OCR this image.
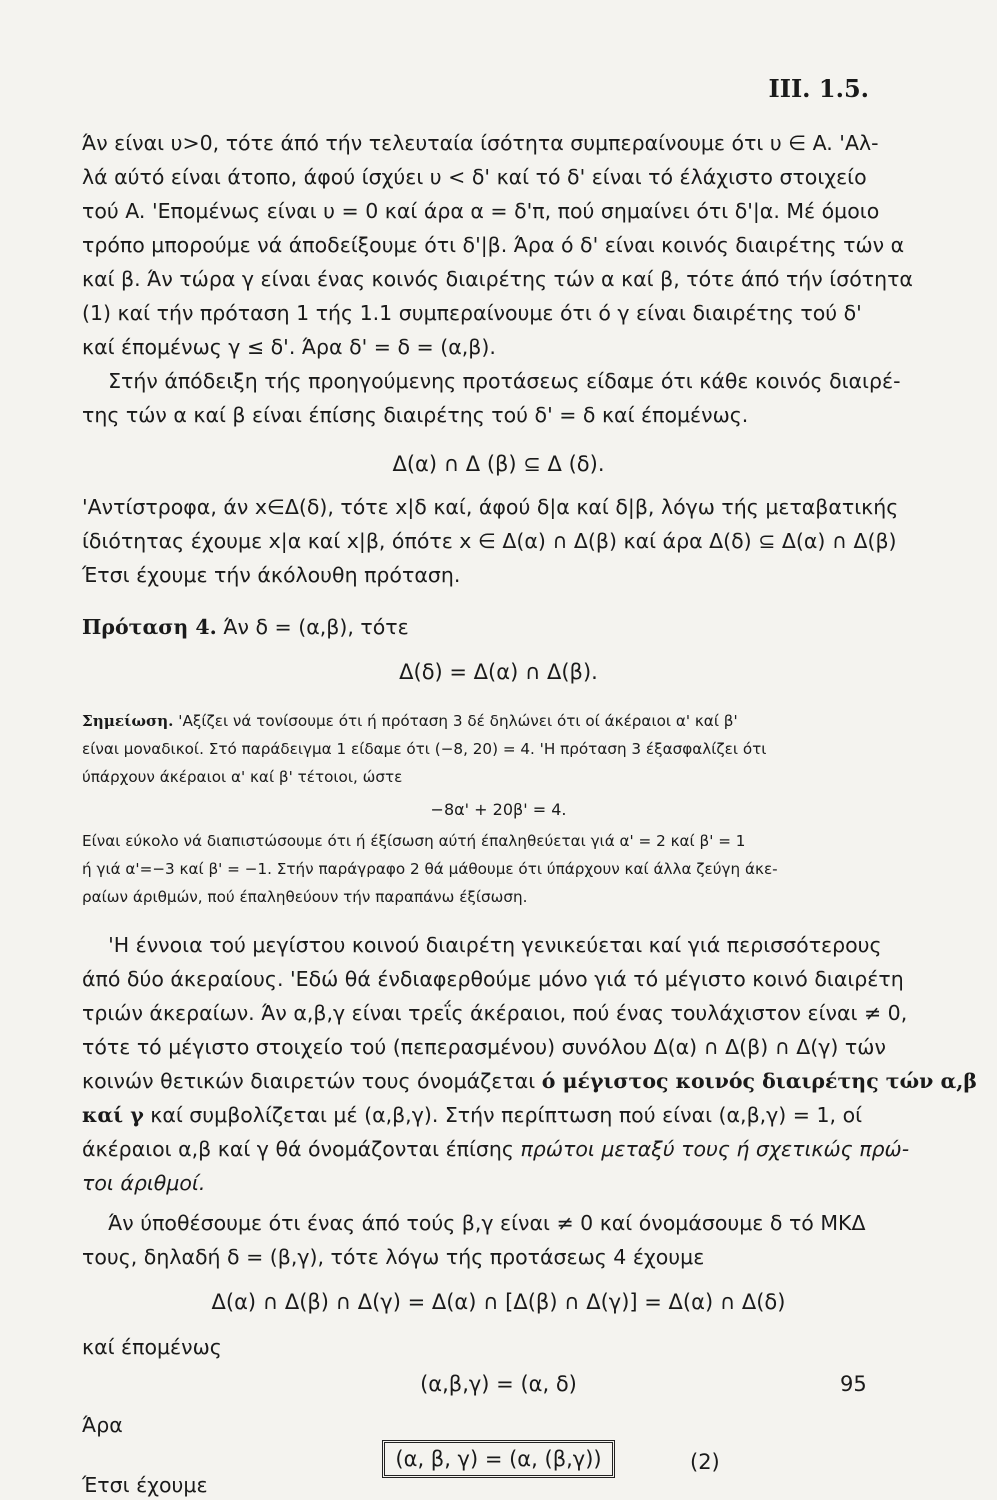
III. 1.5.
Άν είναι υ>0, τότε άπό τήν τελευταία ίσότητα συμπεραίνουμε ότι υ ∈ A. 'Αλ-
λά αύτό είναι άτοπο, άφού ίσχύει υ < δ' καί τό δ' είναι τό έλάχιστο στοιχείο
τού A. 'Επομένως είναι υ = 0 καί άρα α = δ'π, πού σημαίνει ότι δ'|α. Μέ όμοιο
τρόπο μπορούμε νά άποδείξουμε ότι δ'|β. Άρα ό δ' είναι κοινός διαιρέτης τών α
καί β. Άν τώρα γ είναι ένας κοινός διαιρέτης τών α καί β, τότε άπό τήν ίσότητα
(1) καί τήν πρόταση 1 τής 1.1 συμπεραίνουμε ότι ό γ είναι διαιρέτης τού δ'
καί έπομένως γ ≤ δ'. Άρα δ' = δ = (α,β).
Στήν άπόδειξη τής προηγούμενης προτάσεως είδαμε ότι κάθε κοινός διαιρέ-
της τών α καί β είναι έπίσης διαιρέτης τού δ' = δ καί έπομένως.
Δ(α) ∩ Δ (β) ⊆ Δ (δ).
'Αντίστροφα, άν x∈Δ(δ), τότε x|δ καί, άφού δ|α καί δ|β, λόγω τής μεταβατικής
ίδιότητας έχουμε x|α καί x|β, όπότε x ∈ Δ(α) ∩ Δ(β) καί άρα Δ(δ) ⊆ Δ(α) ∩ Δ(β)
Έτσι έχουμε τήν άκόλουθη πρόταση.
Πρόταση 4. Άν δ = (α,β), τότε
Δ(δ) = Δ(α) ∩ Δ(β).
Σημείωση. 'Αξίζει νά τονίσουμε ότι ή πρόταση 3 δέ δηλώνει ότι οί άκέραιοι α' καί β'
είναι μοναδικοί. Στό παράδειγμα 1 είδαμε ότι (−8, 20) = 4. 'Η πρόταση 3 έξασφαλίζει ότι
ύπάρχουν άκέραιοι α' καί β' τέτοιοι, ώστε
−8α' + 20β' = 4.
Είναι εύκολο νά διαπιστώσουμε ότι ή έξίσωση αύτή έπαληθεύεται γιά α' = 2 καί β' = 1
ή γιά α'=−3 καί β' = −1. Στήν παράγραφο 2 θά μάθουμε ότι ύπάρχουν καί άλλα ζεύγη άκε-
ραίων άριθμών, πού έπαληθεύουν τήν παραπάνω έξίσωση.
'Η έννοια τού μεγίστου κοινού διαιρέτη γενικεύεται καί γιά περισσότερους
άπό δύο άκεραίους. 'Εδώ θά ένδιαφερθούμε μόνο γιά τό μέγιστο κοινό διαιρέτη
τριών άκεραίων. Άν α,β,γ είναι τρεΐς άκέραιοι, πού ένας τουλάχιστον είναι ≠ 0,
τότε τό μέγιστο στοιχείο τού (πεπερασμένου) συνόλου Δ(α) ∩ Δ(β) ∩ Δ(γ) τών
κοινών θετικών διαιρετών τους όνομάζεται ό μέγιστος κοινός διαιρέτης τών α,β
καί γ καί συμβολίζεται μέ (α,β,γ). Στήν περίπτωση πού είναι (α,β,γ) = 1, οί
άκέραιοι α,β καί γ θά όνομάζονται έπίσης πρώτοι μεταξύ τους ή σχετικώς πρώ-
τοι άριθμοί.
Άν ύποθέσουμε ότι ένας άπό τούς β,γ είναι ≠ 0 καί όνομάσουμε δ τό ΜΚΔ
τους, δηλαδή δ = (β,γ), τότε λόγω τής προτάσεως 4 έχουμε
Δ(α) ∩ Δ(β) ∩ Δ(γ) = Δ(α) ∩ [Δ(β) ∩ Δ(γ)] = Δ(α) ∩ Δ(δ)
καί έπομένως
(α,β,γ) = (α, δ)
Άρα
(α, β, γ) = (α, (β,γ))	(2)
Έτσι έχουμε
95
